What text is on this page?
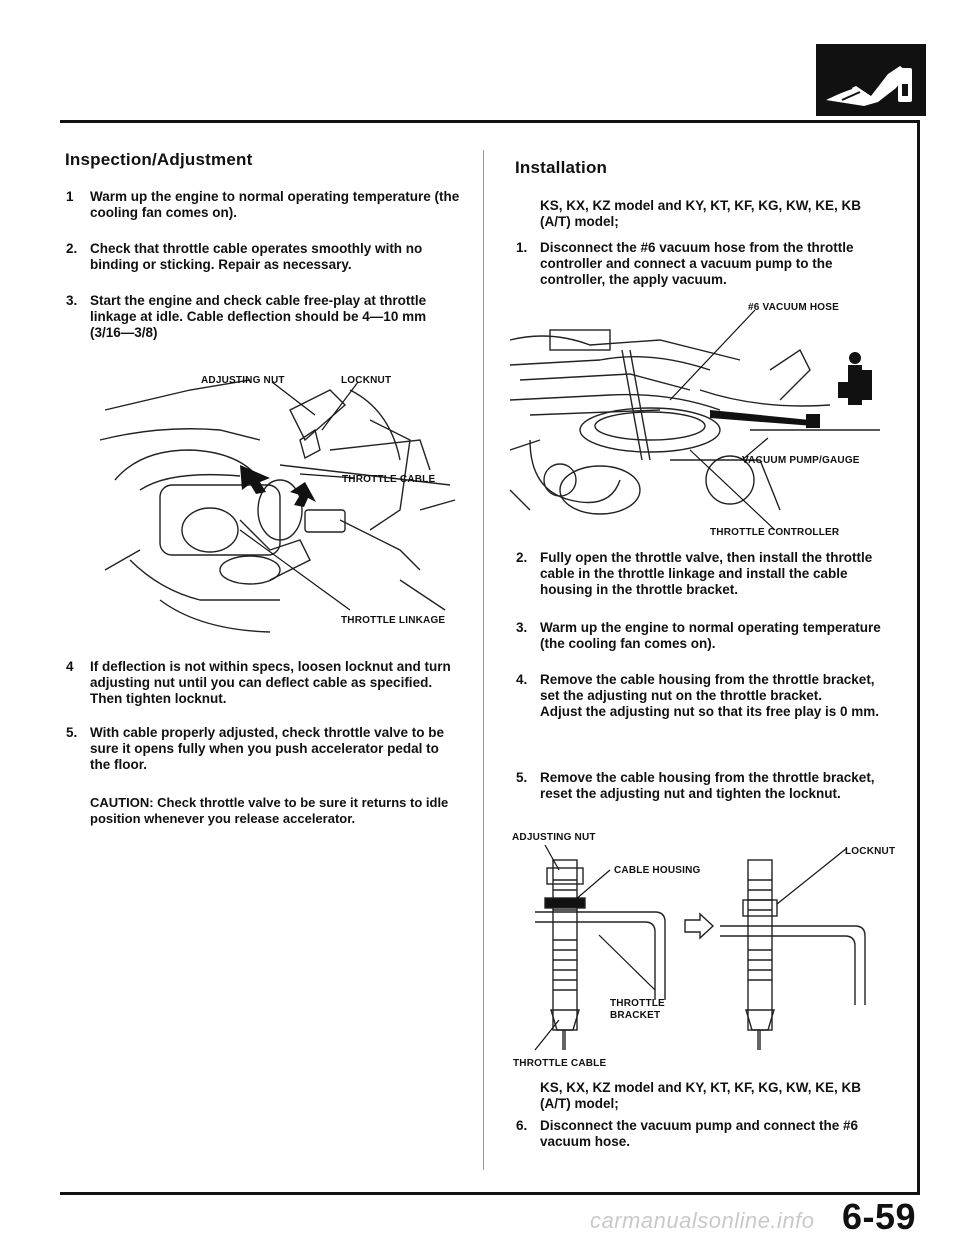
Inspection/Adjustment
1 Warm up the engine to normal operating temperature (the cooling fan comes on).

2. Check that throttle cable operates smoothly with no binding or sticking. Repair as necessary.

3. Start the engine and check cable free-play at throttle linkage at idle. Cable deflection should be 4—10 mm (3/16—3/8)

ADJUSTING NUT	LOCKNUT
THROTTLE CABLE
THROTTLE LINKAGE
4 If deflection is not within specs, loosen locknut and turn adjusting nut until you can deflect cable as specified. Then tighten locknut.

5. With cable properly adjusted, check throttle valve to be sure it opens fully when you push accelerator pedal to the floor.

CAUTION: Check throttle valve to be sure it returns to idle position whenever you release accelerator.
Installation
KS, KX, KZ model and KY, KT, KF, KG, KW, KE, KB (A/T) model;
1. Disconnect the #6 vacuum hose from the throttle controller and connect a vacuum pump to the controller, the apply vacuum.

#6 VACUUM HOSE
VACUUM PUMP/GAUGE
THROTTLE CONTROLLER
2. Fully open the throttle valve, then install the throttle cable in the throttle linkage and install the cable housing in the throttle bracket.

3. Warm up the engine to normal operating temperature (the cooling fan comes on).

4. Remove the cable housing from the throttle bracket, set the adjusting nut on the throttle bracket.

Adjust the adjusting nut so that its free play is 0 mm.

5. Remove the cable housing from the throttle bracket, reset the adjusting nut and tighten the locknut.

ADJUSTING NUT
LOCKNUT
CABLE HOUSING
THROTTLE
BRACKET
THROTTLE CABLE
KS, KX, KZ model and KY, KT, KF, KG, KW, KE, KB (A/T) model;
6. Disconnect the vacuum pump and connect the #6 vacuum hose.

carmanualsonline.info 6-59
